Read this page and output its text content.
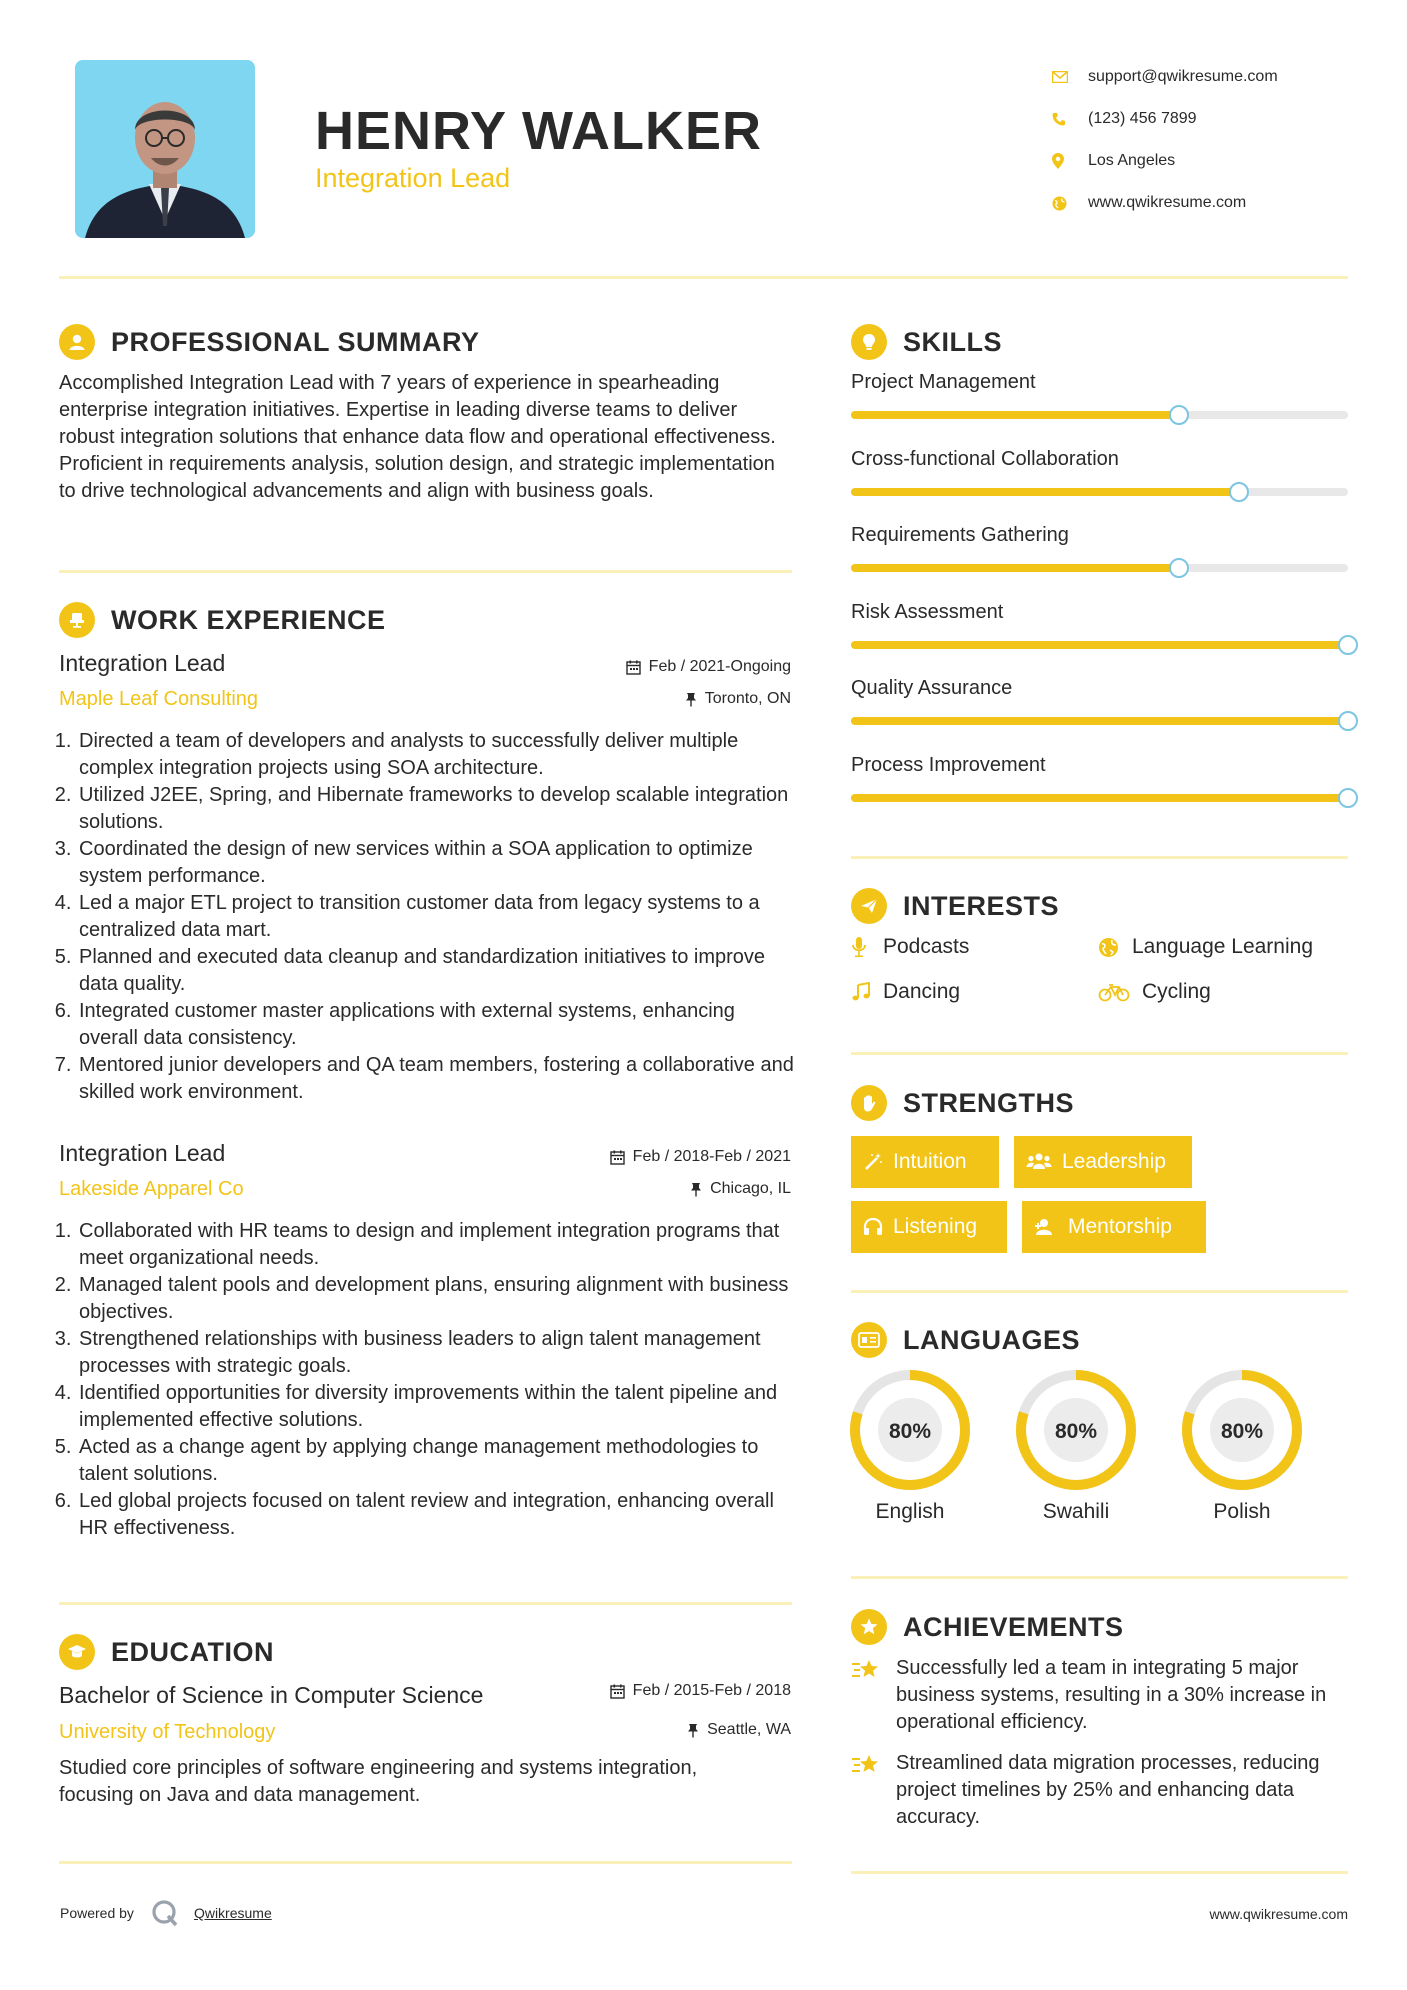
HENRY WALKER
Integration Lead
support@qwikresume.com
(123) 456 7899
Los Angeles
www.qwikresume.com
PROFESSIONAL SUMMARY
Accomplished Integration Lead with 7 years of experience in spearheading enterprise integration initiatives. Expertise in leading diverse teams to deliver robust integration solutions that enhance data flow and operational effectiveness. Proficient in requirements analysis, solution design, and strategic implementation to drive technological advancements and align with business goals.
WORK EXPERIENCE
Integration Lead	Feb / 2021-Ongoing
Maple Leaf Consulting	Toronto, ON
1. Directed a team of developers and analysts to successfully deliver multiple complex integration projects using SOA architecture.
2. Utilized J2EE, Spring, and Hibernate frameworks to develop scalable integration solutions.
3. Coordinated the design of new services within a SOA application to optimize system performance.
4. Led a major ETL project to transition customer data from legacy systems to a centralized data mart.
5. Planned and executed data cleanup and standardization initiatives to improve data quality.
6. Integrated customer master applications with external systems, enhancing overall data consistency.
7. Mentored junior developers and QA team members, fostering a collaborative and skilled work environment.
Integration Lead	Feb / 2018-Feb / 2021
Lakeside Apparel Co	Chicago, IL
1. Collaborated with HR teams to design and implement integration programs that meet organizational needs.
2. Managed talent pools and development plans, ensuring alignment with business objectives.
3. Strengthened relationships with business leaders to align talent management processes with strategic goals.
4. Identified opportunities for diversity improvements within the talent pipeline and implemented effective solutions.
5. Acted as a change agent by applying change management methodologies to talent solutions.
6. Led global projects focused on talent review and integration, enhancing overall HR effectiveness.
EDUCATION
Bachelor of Science in Computer Science	Feb / 2015-Feb / 2018
University of Technology	Seattle, WA
Studied core principles of software engineering and systems integration, focusing on Java and data management.
SKILLS
Project Management
Cross-functional Collaboration
Requirements Gathering
Risk Assessment
Quality Assurance
Process Improvement
INTERESTS
Podcasts	Language Learning
Dancing	Cycling
STRENGTHS
Intuition	Leadership
Listening	Mentorship
LANGUAGES
80%
English
80%
Swahili
80%
Polish
ACHIEVEMENTS
Successfully led a team in integrating 5 major business systems, resulting in a 30% increase in operational efficiency.
Streamlined data migration processes, reducing project timelines by 25% and enhancing data accuracy.
Powered by	Qwikresume	www.qwikresume.com
